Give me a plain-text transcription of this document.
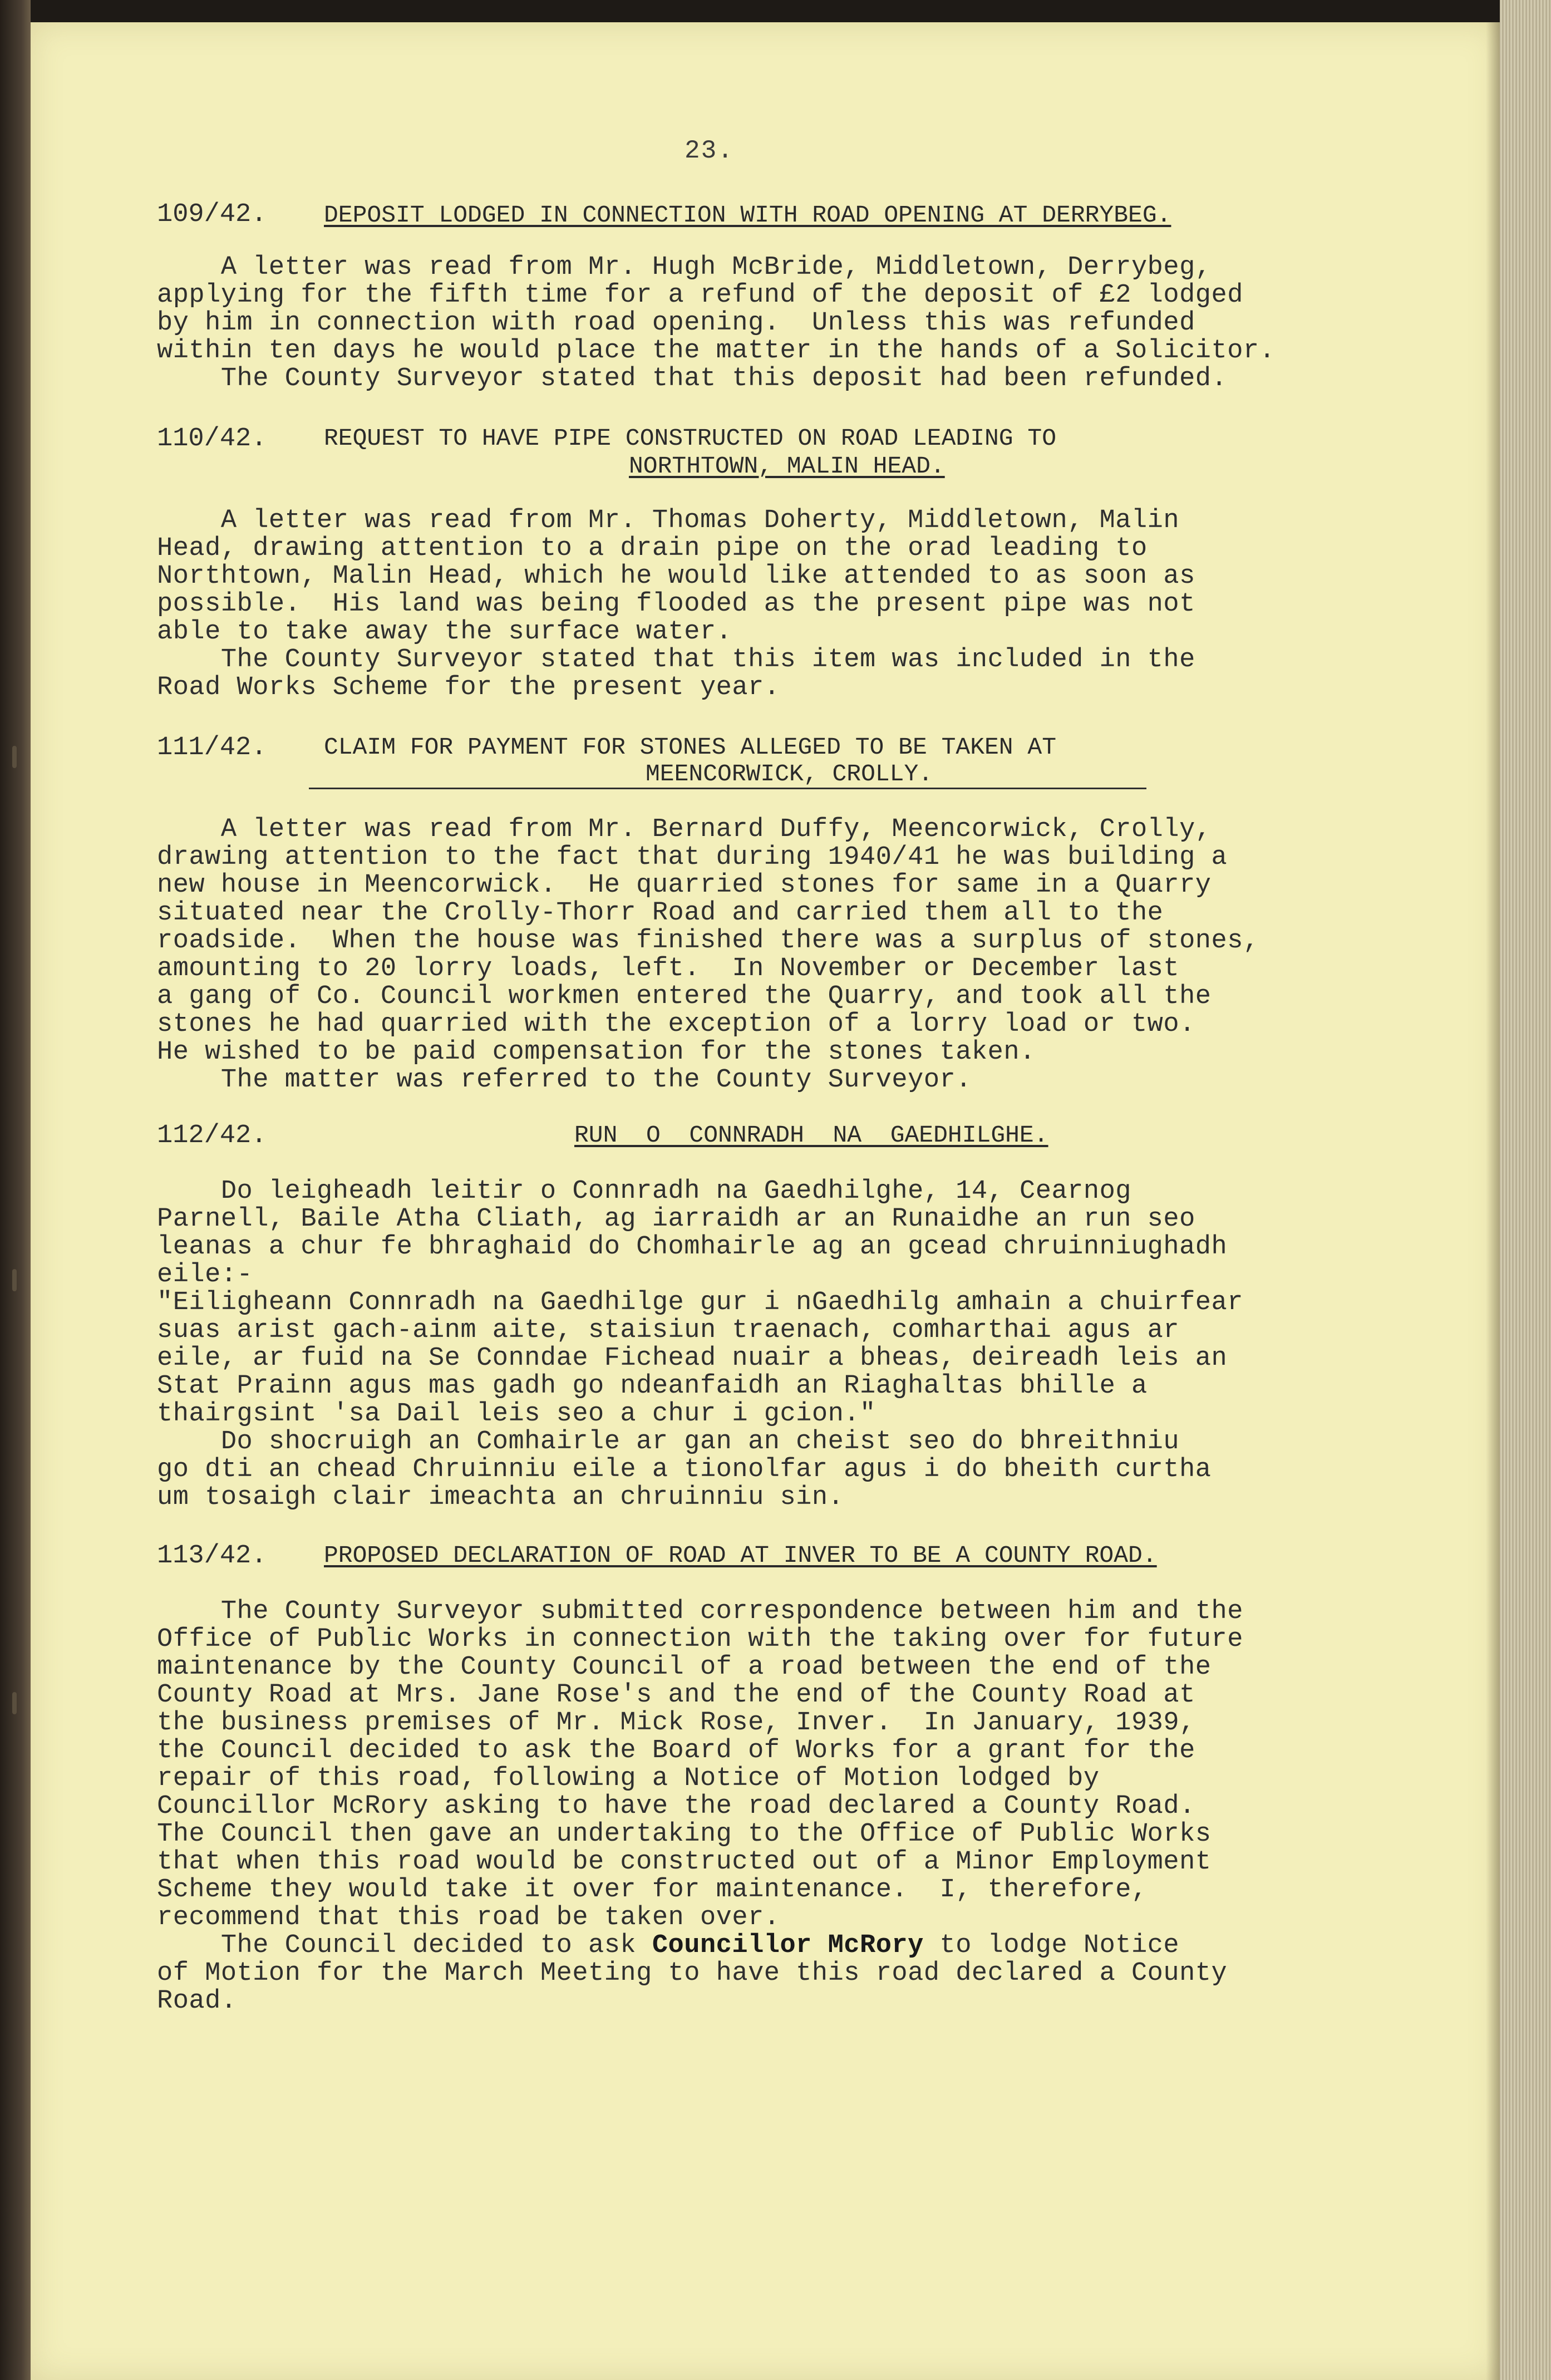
23.
109/42. DEPOSIT LODGED IN CONNECTION WITH ROAD OPENING AT DERRYBEG.
A letter was read from Mr. Hugh McBride, Middletown, Derrybeg,
applying for the fifth time for a refund of the deposit of £2 lodged
by him in connection with road opening.  Unless this was refunded
within ten days he would place the matter in the hands of a Solicitor.
The County Surveyor stated that this deposit had been refunded.
110/42. REQUEST TO HAVE PIPE CONSTRUCTED ON ROAD LEADING TO
NORTHTOWN, MALIN HEAD.
A letter was read from Mr. Thomas Doherty, Middletown, Malin
Head, drawing attention to a drain pipe on the orad leading to
Northtown, Malin Head, which he would like attended to as soon as
possible.  His land was being flooded as the present pipe was not
able to take away the surface water.
The County Surveyor stated that this item was included in the
Road Works Scheme for the present year.
111/42. CLAIM FOR PAYMENT FOR STONES ALLEGED TO BE TAKEN AT
MEENCORWICK, CROLLY.
A letter was read from Mr. Bernard Duffy, Meencorwick, Crolly,
drawing attention to the fact that during 1940/41 he was building a
new house in Meencorwick.  He quarried stones for same in a Quarry
situated near the Crolly-Thorr Road and carried them all to the
roadside.  When the house was finished there was a surplus of stones,
amounting to 20 lorry loads, left.  In November or December last
a gang of Co. Council workmen entered the Quarry, and took all the
stones he had quarried with the exception of a lorry load or two.
He wished to be paid compensation for the stones taken.
The matter was referred to the County Surveyor.
112/42.	RUN  O  CONNRADH  NA  GAEDHILGHE.
Do leigheadh leitir o Connradh na Gaedhilghe, 14, Cearnog
Parnell, Baile Atha Cliath, ag iarraidh ar an Runaidhe an run seo
leanas a chur fe bhraghaid do Chomhairle ag an gcead chruinniughadh
eile:-
"Eiligheann Connradh na Gaedhilge gur i nGaedhilg amhain a chuirfear
suas arist gach-ainm aite, staisiun traenach, comharthai agus ar
eile, ar fuid na Se Conndae Fichead nuair a bheas, deireadh leis an
Stat Prainn agus mas gadh go ndeanfaidh an Riaghaltas bhille a
thairgsint 'sa Dail leis seo a chur i gcion."
Do shocruigh an Comhairle ar gan an cheist seo do bhreithniu
go dti an chead Chruinniu eile a tionolfar agus i do bheith curtha
um tosaigh clair imeachta an chruinniu sin.
113/42. PROPOSED DECLARATION OF ROAD AT INVER TO BE A COUNTY ROAD.
The County Surveyor submitted correspondence between him and the
Office of Public Works in connection with the taking over for future
maintenance by the County Council of a road between the end of the
County Road at Mrs. Jane Rose's and the end of the County Road at
the business premises of Mr. Mick Rose, Inver.  In January, 1939,
the Council decided to ask the Board of Works for a grant for the
repair of this road, following a Notice of Motion lodged by
Councillor McRory asking to have the road declared a County Road.
The Council then gave an undertaking to the Office of Public Works
that when this road would be constructed out of a Minor Employment
Scheme they would take it over for maintenance.  I, therefore,
recommend that this road be taken over.
The Council decided to ask Councillor McRory to lodge Notice
of Motion for the March Meeting to have this road declared a County
Road.
